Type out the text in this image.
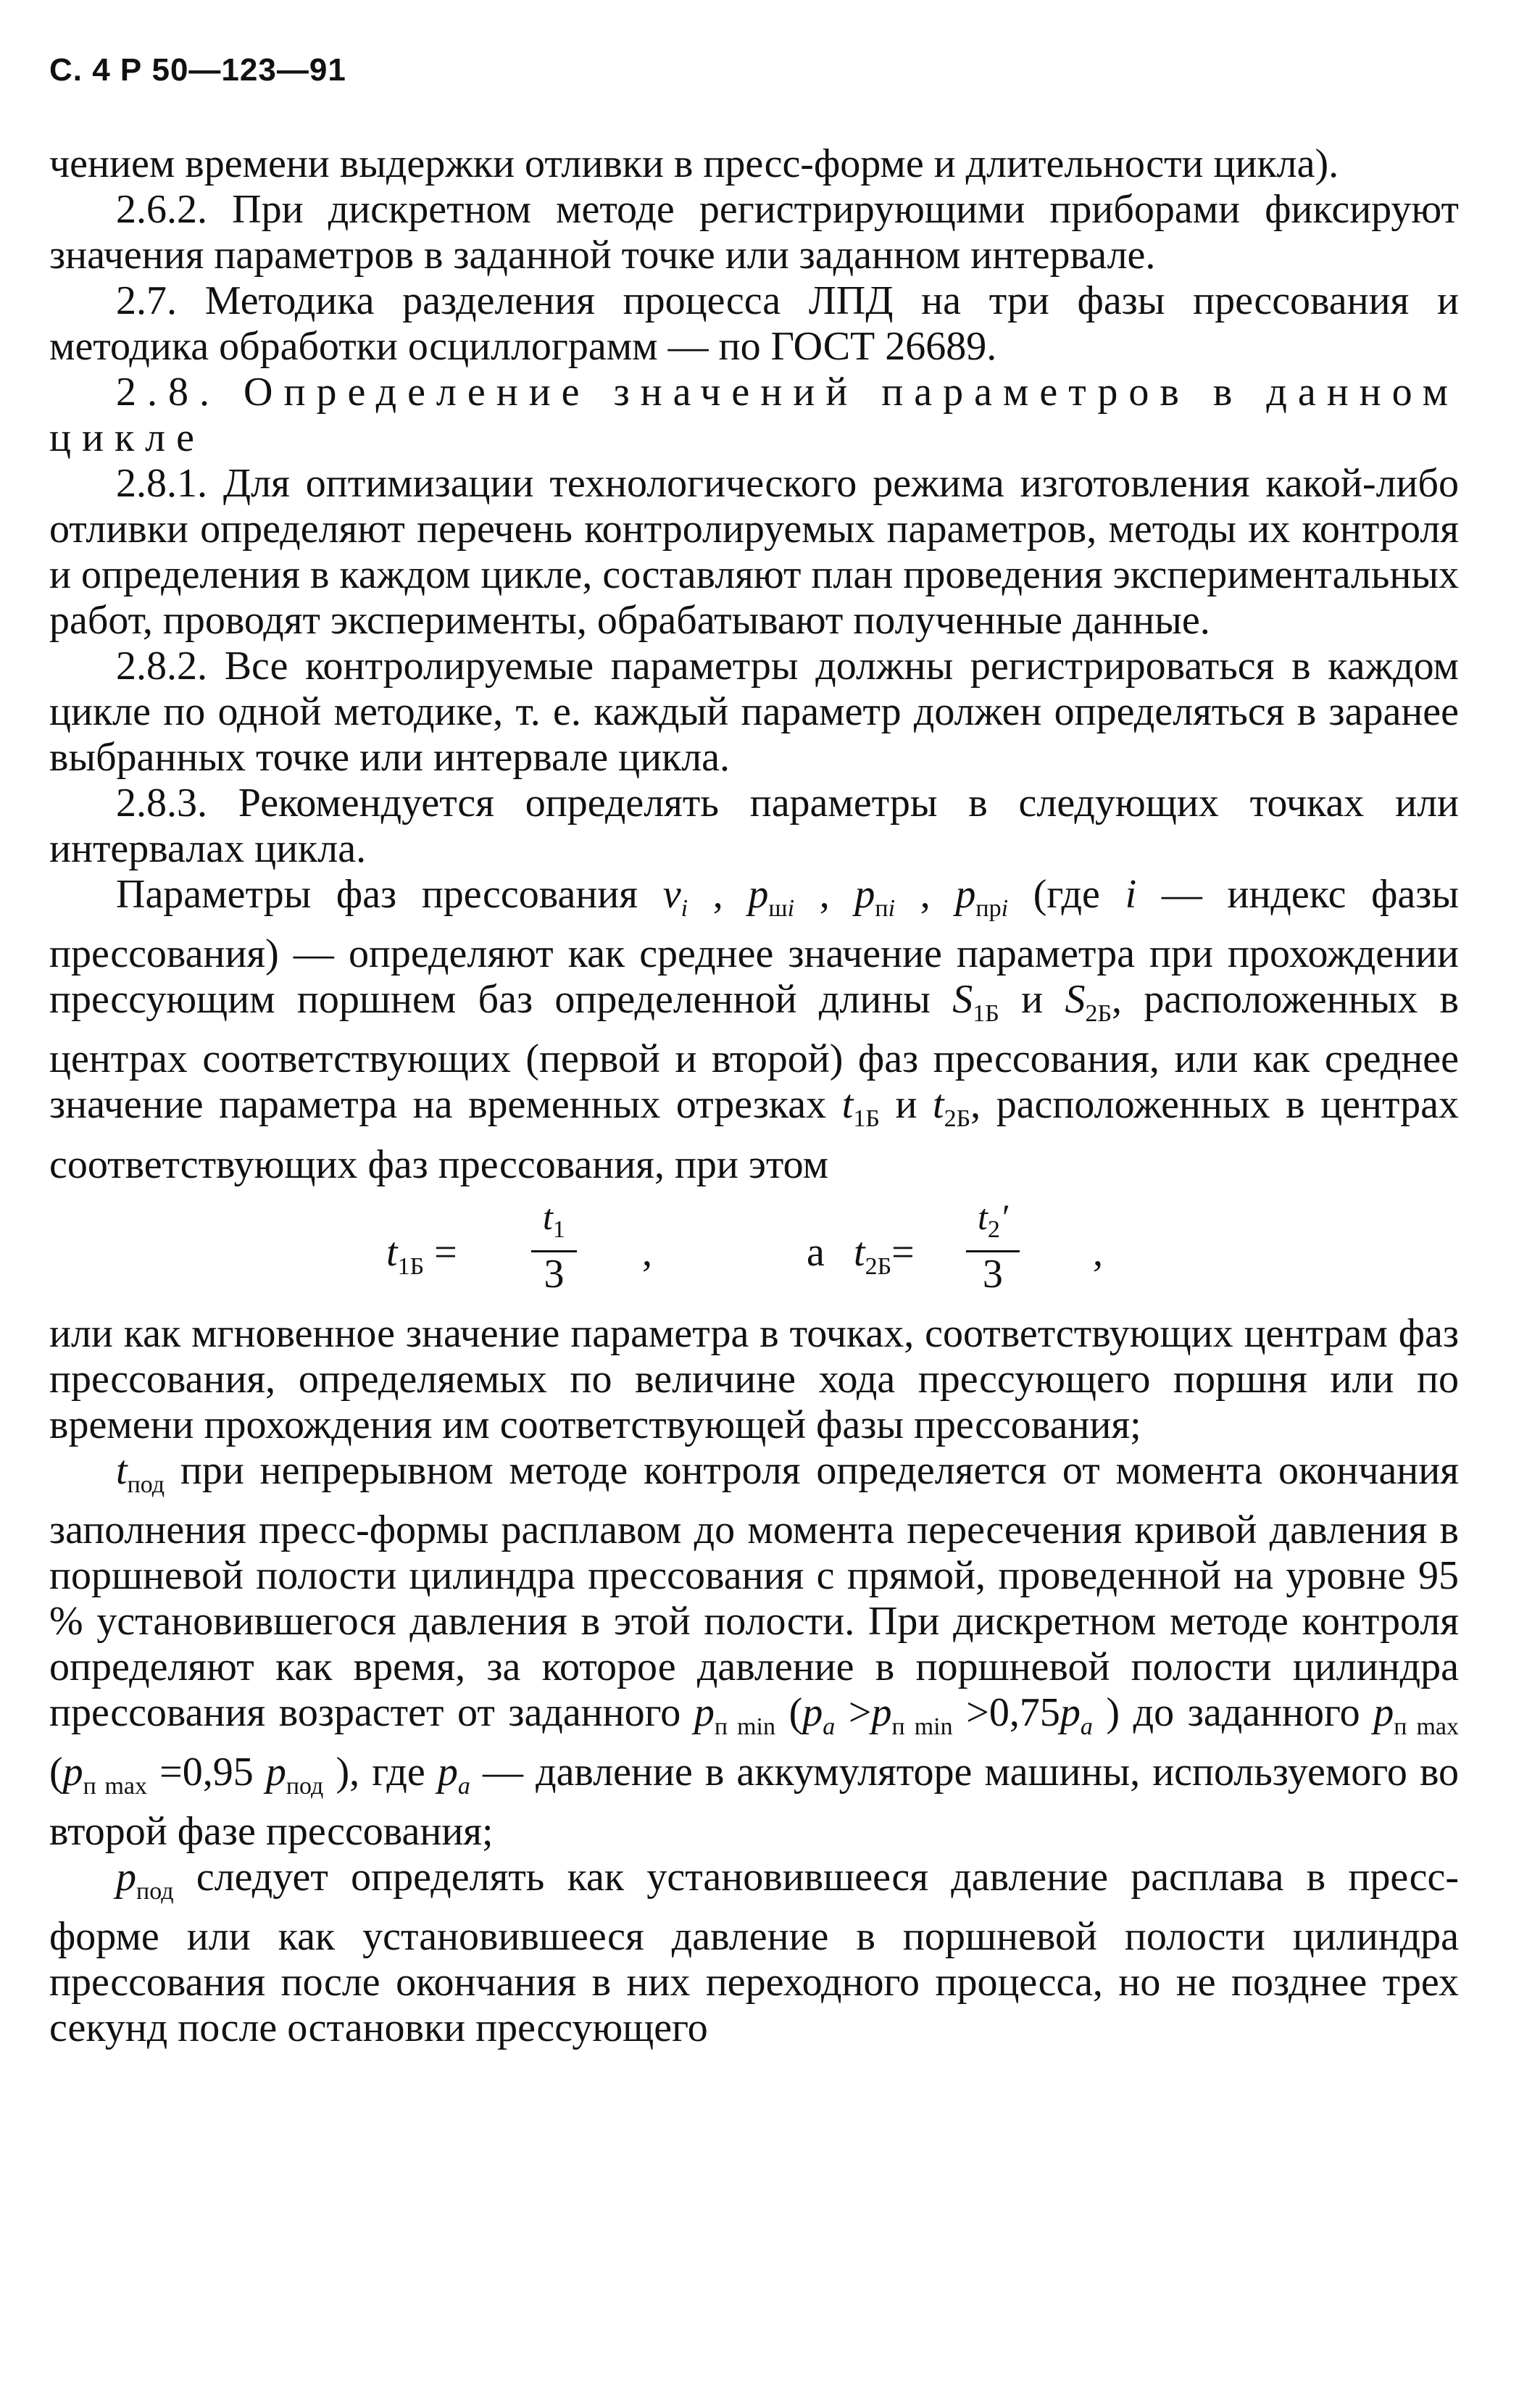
С. 4 Р 50—123—91

чением времени выдержки отливки в пресс-форме и длительности цикла).

2.6.2. При дискретном методе регистрирующими приборами фиксируют значения параметров в заданной точке или заданном интервале.

2.7. Методика разделения процесса ЛПД на три фазы прессования и методика обработки осциллограмм — по ГОСТ 26689.

2.8. Определение значений параметров в данном цикле

2.8.1. Для оптимизации технологического режима изготовления какой-либо отливки определяют перечень контролируемых параметров, методы их контроля и определения в каждом цикле, составляют план проведения экспериментальных работ, проводят эксперименты, обрабатывают полученные данные.

2.8.2. Все контролируемые параметры должны регистрироваться в каждом цикле по одной методике, т. е. каждый параметр должен определяться в заранее выбранных точке или интервале цикла.

2.8.3. Рекомендуется определять параметры в следующих точках или интервалах цикла.

Параметры фаз прессования $v_i$ , $p_{шi}$ , $p_{пi}$ , $p_{прi}$ (где i — индекс фазы прессования) — определяют как среднее значение параметра при прохождении прессующим поршнем баз определенной длины $S_{1Б}$ и $S_{2Б}$, расположенных в центрах соответствующих (первой и второй) фаз прессования, или как среднее значение параметра на временных отрезках $t_{1Б}$ и $t_{2Б}$, расположенных в центрах соответствующих фаз прессования, при этом

$t_{1Б} = \frac{t_1}{3}$ ,	а $t_{2Б}= \frac{t_2'}{3}$ ,

или как мгновенное значение параметра в точках, соответствующих центрам фаз прессования, определяемых по величине хода прессующего поршня или по времени прохождения им соответствующей фазы прессования;

$t_{под}$ при непрерывном методе контроля определяется от момента окончания заполнения пресс-формы расплавом до момента пересечения кривой давления в поршневой полости цилиндра прессования с прямой, проведенной на уровне 95 % установившегося давления в этой полости. При дискретном методе контроля определяют как время, за которое давление в поршневой полости цилиндра прессования возрастет от заданного $p_{п min}$ ($p_a >p_{п min} >0,75p_a$ ) до заданного $p_{п max}$ ($p_{п max} =0,95$ $p_{под}$ ), где $p_a$ — давление в аккумуляторе машины, используемого во второй фазе прессования;

$p_{под}$ следует определять как установившееся давление расплава в пресс-форме или как установившееся давление в поршневой полости цилиндра прессования после окончания в них переходного процесса, но не позднее трех секунд после остановки прессующего
